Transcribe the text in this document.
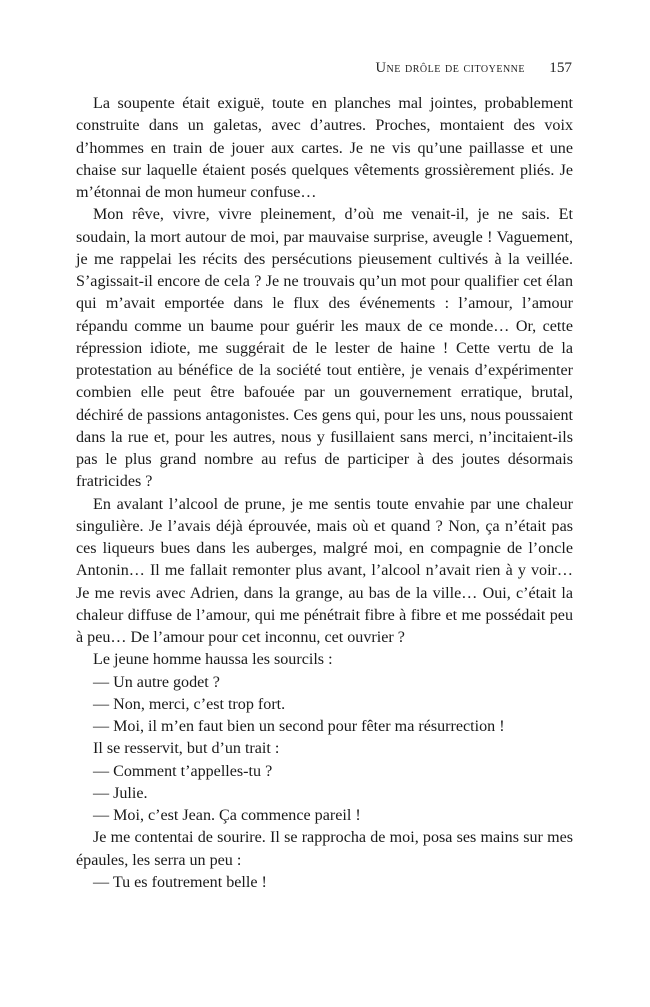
Une drôle de citoyenne 157

La soupente était exiguë, toute en planches mal jointes, probablement construite dans un galetas, avec d’autres. Proches, montaient des voix d’hommes en train de jouer aux cartes. Je ne vis qu’une paillasse et une chaise sur laquelle étaient posés quelques vêtements grossièrement pliés. Je m’étonnai de mon humeur confuse…

Mon rêve, vivre, vivre pleinement, d’où me venait-il, je ne sais. Et soudain, la mort autour de moi, par mauvaise surprise, aveugle ! Vaguement, je me rappelai les récits des persécutions pieusement cultivés à la veillée. S’agissait-il encore de cela ? Je ne trouvais qu’un mot pour qualifier cet élan qui m’avait emportée dans le flux des événements : l’amour, l’amour répandu comme un baume pour guérir les maux de ce monde… Or, cette répression idiote, me suggérait de le lester de haine ! Cette vertu de la protestation au bénéfice de la société tout entière, je venais d’expérimenter combien elle peut être bafouée par un gouvernement erratique, brutal, déchiré de passions antagonistes. Ces gens qui, pour les uns, nous poussaient dans la rue et, pour les autres, nous y fusillaient sans merci, n’incitaient-ils pas le plus grand nombre au refus de participer à des joutes désormais fratricides ?

En avalant l’alcool de prune, je me sentis toute envahie par une chaleur singulière. Je l’avais déjà éprouvée, mais où et quand ? Non, ça n’était pas ces liqueurs bues dans les auberges, malgré moi, en compagnie de l’oncle Antonin… Il me fallait remonter plus avant, l’alcool n’avait rien à y voir… Je me revis avec Adrien, dans la grange, au bas de la ville… Oui, c’était la chaleur diffuse de l’amour, qui me pénétrait fibre à fibre et me possédait peu à peu… De l’amour pour cet inconnu, cet ouvrier ?

Le jeune homme haussa les sourcils :

— Un autre godet ?

— Non, merci, c’est trop fort.

— Moi, il m’en faut bien un second pour fêter ma résurrection !

Il se resservit, but d’un trait :

— Comment t’appelles-tu ?

— Julie.

— Moi, c’est Jean. Ça commence pareil !

Je me contentai de sourire. Il se rapprocha de moi, posa ses mains sur mes épaules, les serra un peu :

— Tu es foutrement belle !
